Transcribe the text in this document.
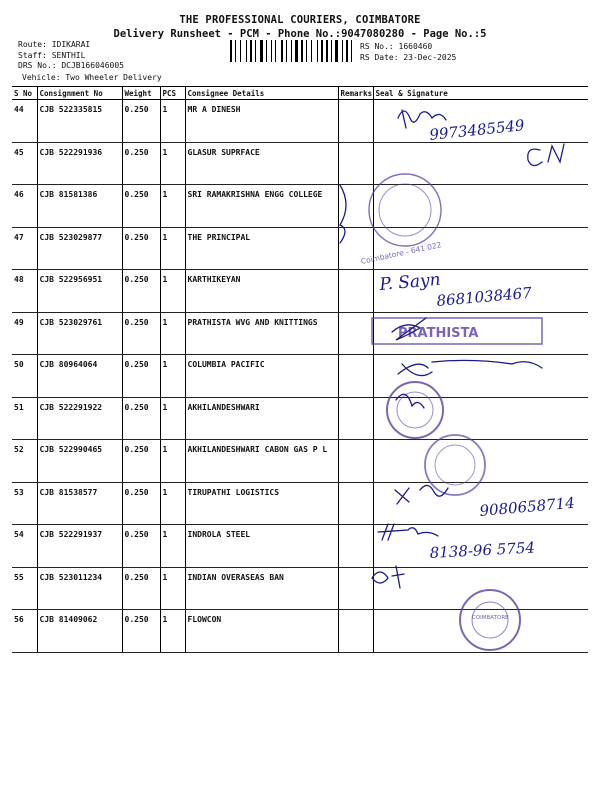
THE PROFESSIONAL COURIERS, COIMBATORE
Delivery Runsheet - PCM - Phone No.:9047080280 - Page No.:5
Route: IDIKARAI
Staff: SENTHIL
DRS No.: DCJB166046005
Vehicle: Two Wheeler Delivery
RS No.: 1660460
RS Date: 23-Dec-2025
S No	Consignment No	Weight	PCS	Consignee Details	Remarks	Seal & Signature
44	CJB 522335815	0.250	1	MR A DINESH		
45	CJB 522291936	0.250	1	GLASUR SUPRFACE		
46	CJB 81581386	0.250	1	SRI RAMAKRISHNA ENGG COLLEGE		
47	CJB 523029877	0.250	1	THE PRINCIPAL		
48	CJB 522956951	0.250	1	KARTHIKEYAN		
49	CJB 523029761	0.250	1	PRATHISTA WVG AND KNITTINGS		
50	CJB 80964064	0.250	1	COLUMBIA PACIFIC		
51	CJB 522291922	0.250	1	AKHILANDESHWARI		
52	CJB 522990465	0.250	1	AKHILANDESHWARI CABON GAS P L		
53	CJB 81538577	0.250	1	TIRUPATHI LOGISTICS		
54	CJB 522291937	0.250	1	INDROLA STEEL		
55	CJB 523011234	0.250	1	INDIAN OVERASEAS BAN		
56	CJB 81409062	0.250	1	FLOWCON		
9973485549
Coimbatore - 641 022
P. Sayn
8681038467
PRATHISTA
9080658714
8138-96 5754
COIMBATORE
